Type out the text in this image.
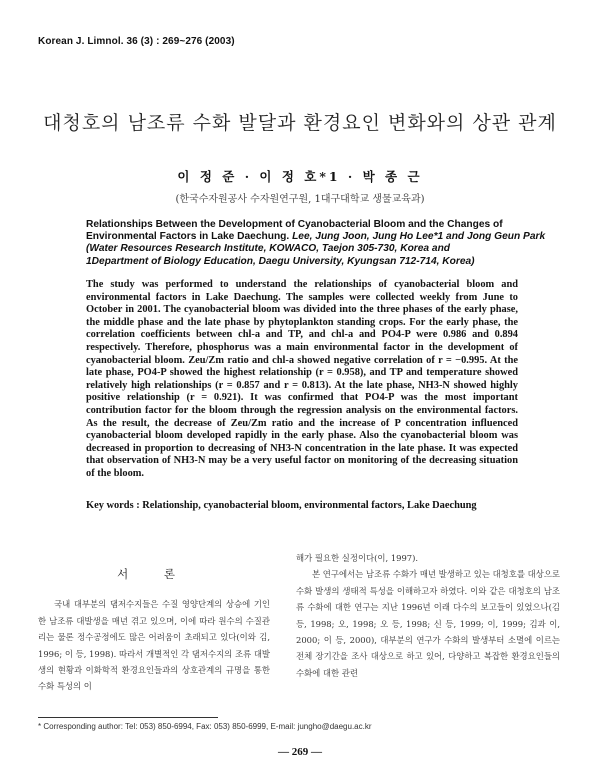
Korean J. Limnol. 36 (3) : 269~276 (2003)
대청호의 남조류 수화 발달과 환경요인 변화와의 상관 관계
이 정 준 · 이 정 호*1 · 박 종 근
(한국수자원공사 수자원연구원, 1대구대학교 생물교육과)
Relationships Between the Development of Cyanobacterial Bloom and the Changes of Environmental Factors in Lake Daechung. Lee, Jung Joon, Jung Ho Lee*1 and Jong Geun Park (Water Resources Research Institute, KOWACO, Taejon 305-730, Korea and
1Department of Biology Education, Daegu University, Kyungsan 712-714, Korea)
The study was performed to understand the relationships of cyanobacterial bloom and environmental factors in Lake Daechung. The samples were collected weekly from June to October in 2001. The cyanobacterial bloom was divided into the three phases of the early phase, the middle phase and the late phase by phytoplankton standing crops. For the early phase, the correlation coefficients between chl-a and TP, and chl-a and PO4-P were 0.986 and 0.894 respectively. Therefore, phosphorus was a main environmental factor in the development of cyanobacterial bloom. Zeu/Zm ratio and chl-a showed negative correlation of r = −0.995. At the late phase, PO4-P showed the highest relationship (r = 0.958), and TP and temperature showed relatively high relationships (r = 0.857 and r = 0.813). At the late phase, NH3-N showed highly positive relationship (r = 0.921). It was confirmed that PO4-P was the most important contribution factor for the bloom through the regression analysis on the environmental factors. As the result, the decrease of Zeu/Zm ratio and the increase of P concentration influenced cyanobacterial bloom developed rapidly in the early phase. Also the cyanobacterial bloom was decreased in proportion to decreasing of NH3-N concentration in the late phase. It was expected that observation of NH3-N may be a very useful factor on monitoring of the decreasing situation of the bloom.
Key words : Relationship, cyanobacterial bloom, environmental factors, Lake Daechung
서 론
국내 대부분의 댐저수지들은 수질 영양단계의 상승에 기인한 남조류 대발생을 매년 겪고 있으며, 이에 따라 원수의 수질관리는 물론 정수공정에도 많은 어려움이 초래되고 있다(이와 김, 1996; 이 등, 1998). 따라서 개별적인 각 댐저수지의 조류 대발생의 현황과 이화학적 환경요인들과의 상호관계의 규명을 통한 수화 특성의 이
해가 필요한 실정이다(이, 1997).
본 연구에서는 남조류 수화가 매년 발생하고 있는 대청호를 대상으로 수화 발생의 생태적 특성을 이해하고자 하였다. 이와 같은 대청호의 남조류 수화에 대한 연구는 지난 1996년 이래 다수의 보고들이 있었으나(김 등, 1998; 오, 1998; 오 등, 1998; 신 등, 1999; 이, 1999; 김과 이, 2000; 이 등, 2000), 대부분의 연구가 수화의 발생부터 소멸에 이르는 전체 장기간을 조사 대상으로 하고 있어, 다양하고 복잡한 환경요인들의 수화에 대한 관련
* Corresponding author: Tel: 053) 850-6994, Fax: 053) 850-6999, E-mail: jungho@daegu.ac.kr
— 269 —
